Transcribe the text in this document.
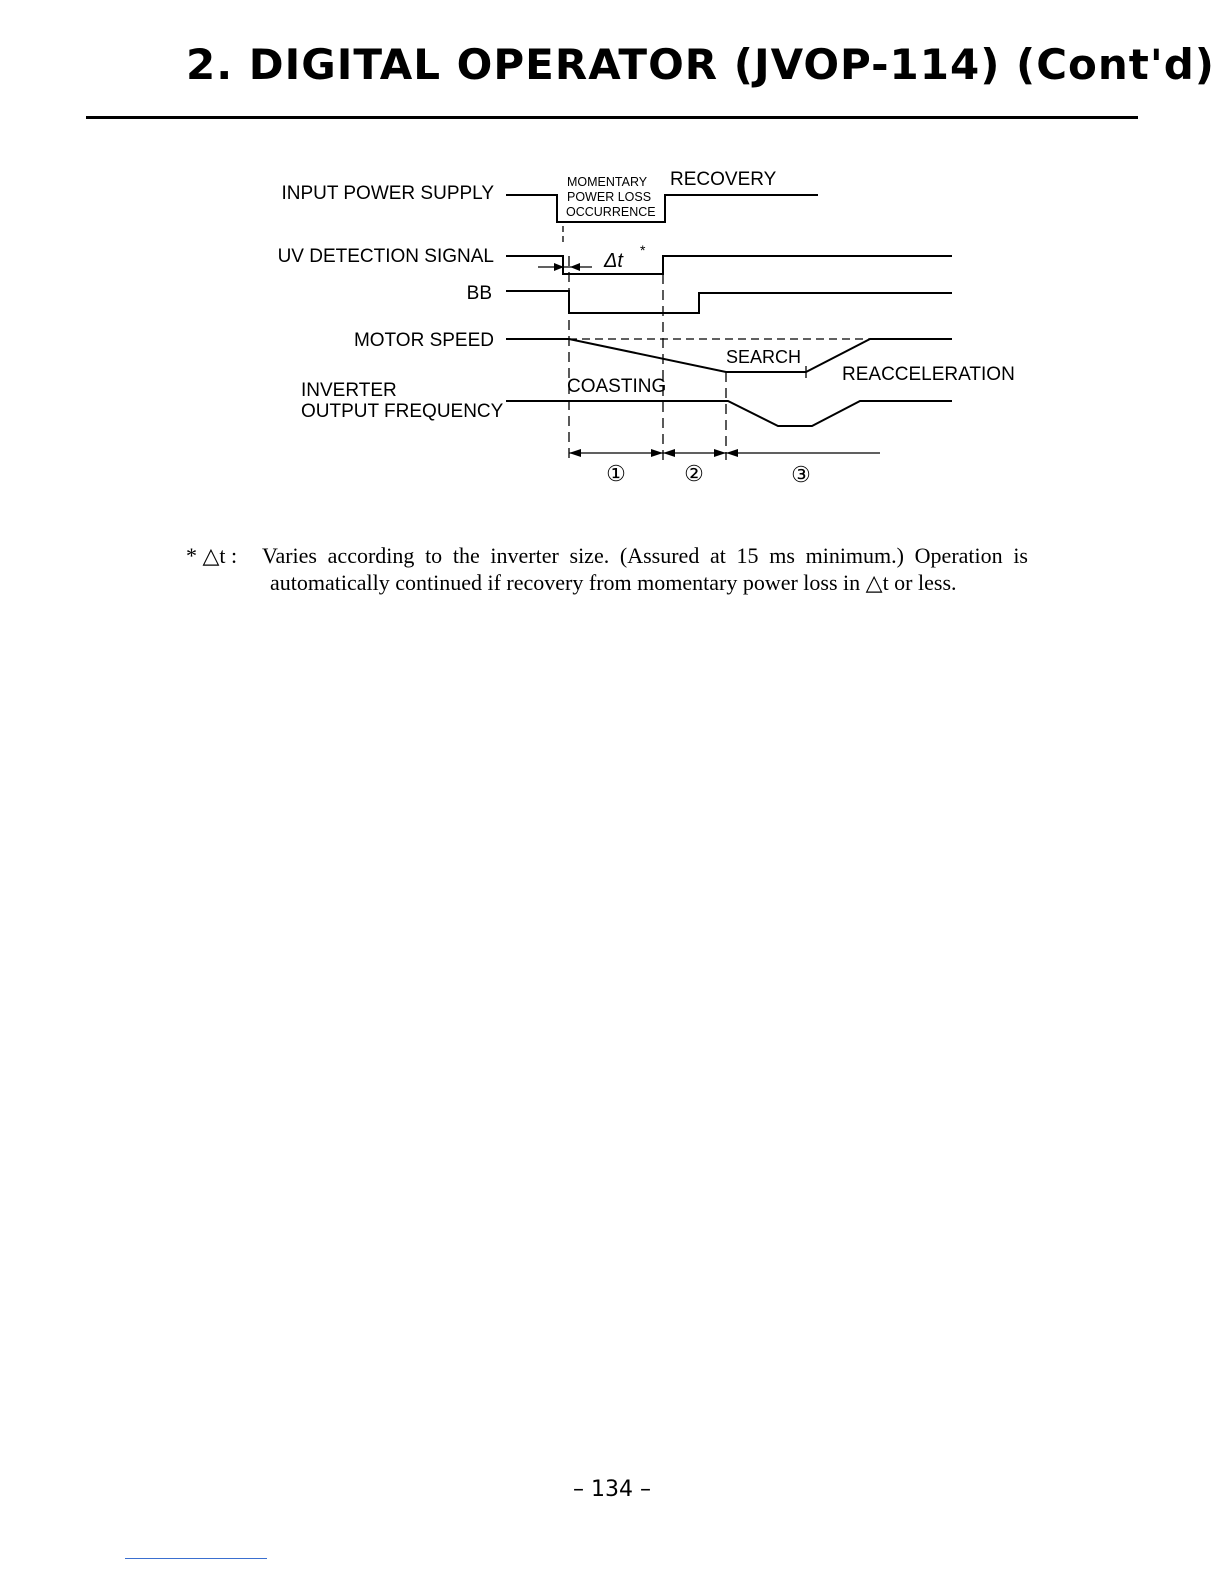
2. DIGITAL OPERATOR (JVOP-114) (Cont'd)
INPUT POWER SUPPLY
UV DETECTION SIGNAL
BB
MOTOR SPEED
INVERTER
OUTPUT FREQUENCY
MOMENTARY
POWER LOSS
OCCURRENCE
RECOVERY
Δt *
SEARCH
COASTING
REACCELERATION
①	②	③
* △t : Varies according to the inverter size. (Assured at 15 ms minimum.) Operation is automatically continued if recovery from momentary power loss in △t or less.
– 134 –
